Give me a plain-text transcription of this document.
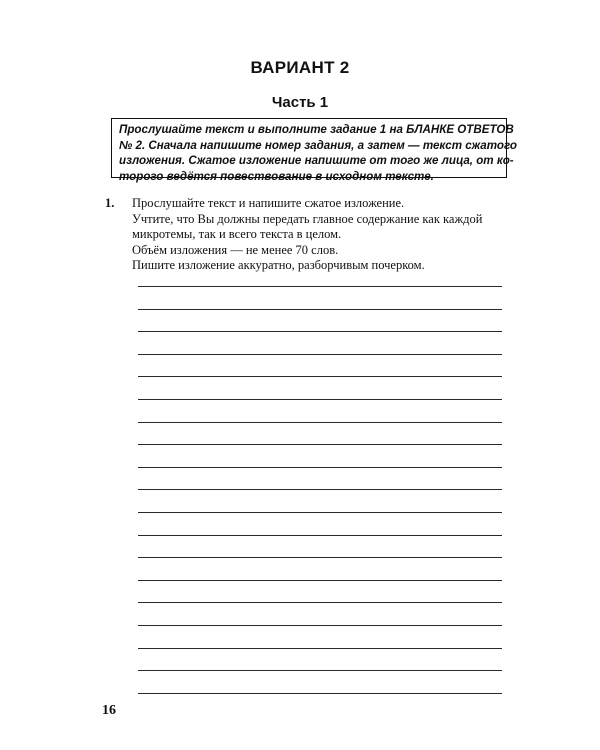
ВАРИАНТ 2
Часть 1
Прослушайте текст и выполните задание 1 на БЛАНКЕ ОТВЕТОВ
№ 2. Сначала напишите номер задания, а затем — текст сжатого
изложения. Сжатое изложение напишите от того же лица, от ко-
торого ведётся повествование в исходном тексте.
1. Прослушайте текст и напишите сжатое изложение.
Учтите, что Вы должны передать главное содержание как каждой
микротемы, так и всего текста в целом.
Объём изложения — не менее 70 слов.
Пишите изложение аккуратно, разборчивым почерком.
16
